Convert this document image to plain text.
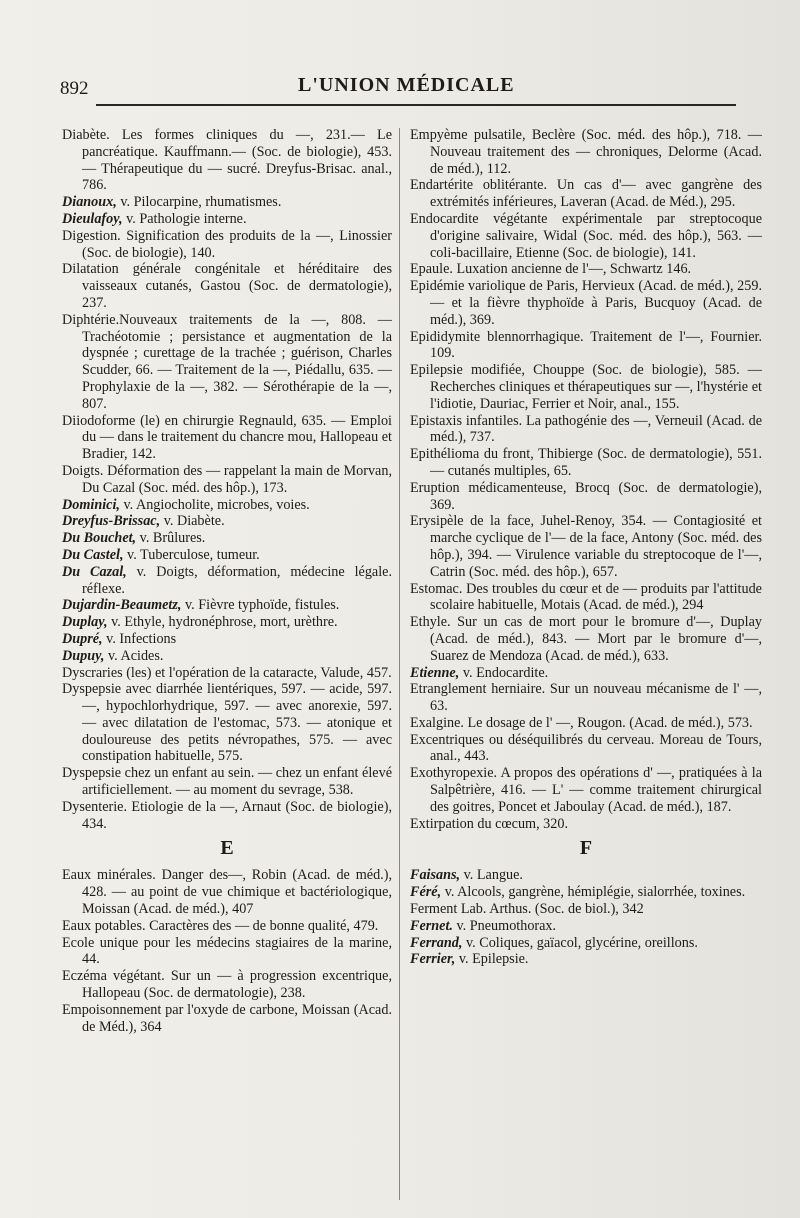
892	L'UNION MÉDICALE

Diabète. Les formes cliniques du —, 231.— Le pancréatique. Kauffmann.— (Soc. de biologie), 453. — Thérapeutique du — sucré. Dreyfus-Brisac. anal., 786.

Dianoux, v. Pilocarpine, rhumatismes.

Dieulafoy, v. Pathologie interne.

Digestion. Signification des produits de la —, Linossier (Soc. de biologie), 140.

Dilatation générale congénitale et héréditaire des vaisseaux cutanés, Gastou (Soc. de dermatologie), 237.

Diphtérie.Nouveaux traitements de la —, 808. — Trachéotomie ; persistance et augmentation de la dyspnée ; curettage de la trachée ; guérison, Charles Scudder, 66. — Traitement de la —, Piédallu, 635. — Prophylaxie de la —, 382. — Sérothérapie de la —, 807.

Diiodoforme (le) en chirurgie Regnauld, 635. — Emploi du — dans le traitement du chancre mou, Hallopeau et Bradier, 142.

Doigts. Déformation des — rappelant la main de Morvan, Du Cazal (Soc. méd. des hôp.), 173.

Dominici, v. Angiocholite, microbes, voies.

Dreyfus-Brissac, v. Diabète.

Du Bouchet, v. Brûlures.

Du Castel, v. Tuberculose, tumeur.

Du Cazal, v. Doigts, déformation, médecine légale. réflexe.

Dujardin-Beaumetz, v. Fièvre typhoïde, fistules.

Duplay, v. Ethyle, hydronéphrose, mort, urèthre.

Dupré, v. Infections

Dupuy, v. Acides.

Dyscraries (les) et l'opération de la cataracte, Valude, 457.

Dyspepsie avec diarrhée lientériques, 597. — acide, 597. —, hypochlorhydrique, 597. — avec anorexie, 597. — avec dilatation de l'estomac, 573. — atonique et douloureuse des petits névropathes, 575. — avec constipation habituelle, 575.

Dyspepsie chez un enfant au sein. — chez un enfant élevé artificiellement. — au moment du sevrage, 538.

Dysenterie. Etiologie de la —, Arnaut (Soc. de biologie), 434.

E

Eaux minérales. Danger des—, Robin (Acad. de méd.), 428. — au point de vue chimique et bactériologique, Moissan (Acad. de méd.), 407

Eaux potables. Caractères des — de bonne qualité, 479.

Ecole unique pour les médecins stagiaires de la marine, 44.

Eczéma végétant. Sur un — à progression excentrique, Hallopeau (Soc. de dermatologie), 238.

Empoisonnement par l'oxyde de carbone, Moissan (Acad. de Méd.), 364

Empyème pulsatile, Beclère (Soc. méd. des hôp.), 718. — Nouveau traitement des — chroniques, Delorme (Acad. de méd.), 112.

Endartérite oblitérante. Un cas d'— avec gangrène des extrémités inférieures, Laveran (Acad. de Méd.), 295.

Endocardite végétante expérimentale par streptocoque d'origine salivaire, Widal (Soc. méd. des hôp.), 563. — coli-bacillaire, Etienne (Soc. de biologie), 141.

Epaule. Luxation ancienne de l'—, Schwartz 146.

Epidémie variolique de Paris, Hervieux (Acad. de méd.), 259. — et la fièvre thyphoïde à Paris, Bucquoy (Acad. de méd.), 369.

Epididymite blennorrhagique. Traitement de l'—, Fournier. 109.

Epilepsie modifiée, Chouppe (Soc. de biologie), 585. — Recherches cliniques et thérapeutiques sur —, l'hystérie et l'idiotie, Dauriac, Ferrier et Noir, anal., 155.

Epistaxis infantiles. La pathogénie des —, Verneuil (Acad. de méd.), 737.

Epithélioma du front, Thibierge (Soc. de dermatologie), 551. — cutanés multiples, 65.

Eruption médicamenteuse, Brocq (Soc. de dermatologie), 369.

Erysipèle de la face, Juhel-Renoy, 354. — Contagiosité et marche cyclique de l'— de la face, Antony (Soc. méd. des hôp.), 394. — Virulence variable du streptocoque de l'—, Catrin (Soc. méd. des hôp.), 657.

Estomac. Des troubles du cœur et de — produits par l'attitude scolaire habituelle, Motais (Acad. de méd.), 294

Ethyle. Sur un cas de mort pour le bromure d'—, Duplay (Acad. de méd.), 843. — Mort par le bromure d'—, Suarez de Mendoza (Acad. de méd.), 633.

Etienne, v. Endocardite.

Etranglement herniaire. Sur un nouveau mécanisme de l' —, 63.

Exalgine. Le dosage de l' —, Rougon. (Acad. de méd.), 573.

Excentriques ou déséquilibrés du cerveau. Moreau de Tours, anal., 443.

Exothyropexie. A propos des opérations d' —, pratiquées à la Salpêtrière, 416. — L' — comme traitement chirurgical des goitres, Poncet et Jaboulay (Acad. de méd.), 187.

Extirpation du cœcum, 320.

F

Faisans, v. Langue.

Féré, v. Alcools, gangrène, hémiplégie, sialorrhée, toxines.

Ferment Lab. Arthus. (Soc. de biol.), 342

Fernet. v. Pneumothorax.

Ferrand, v. Coliques, gaïacol, glycérine, oreillons.

Ferrier, v. Epilepsie.
